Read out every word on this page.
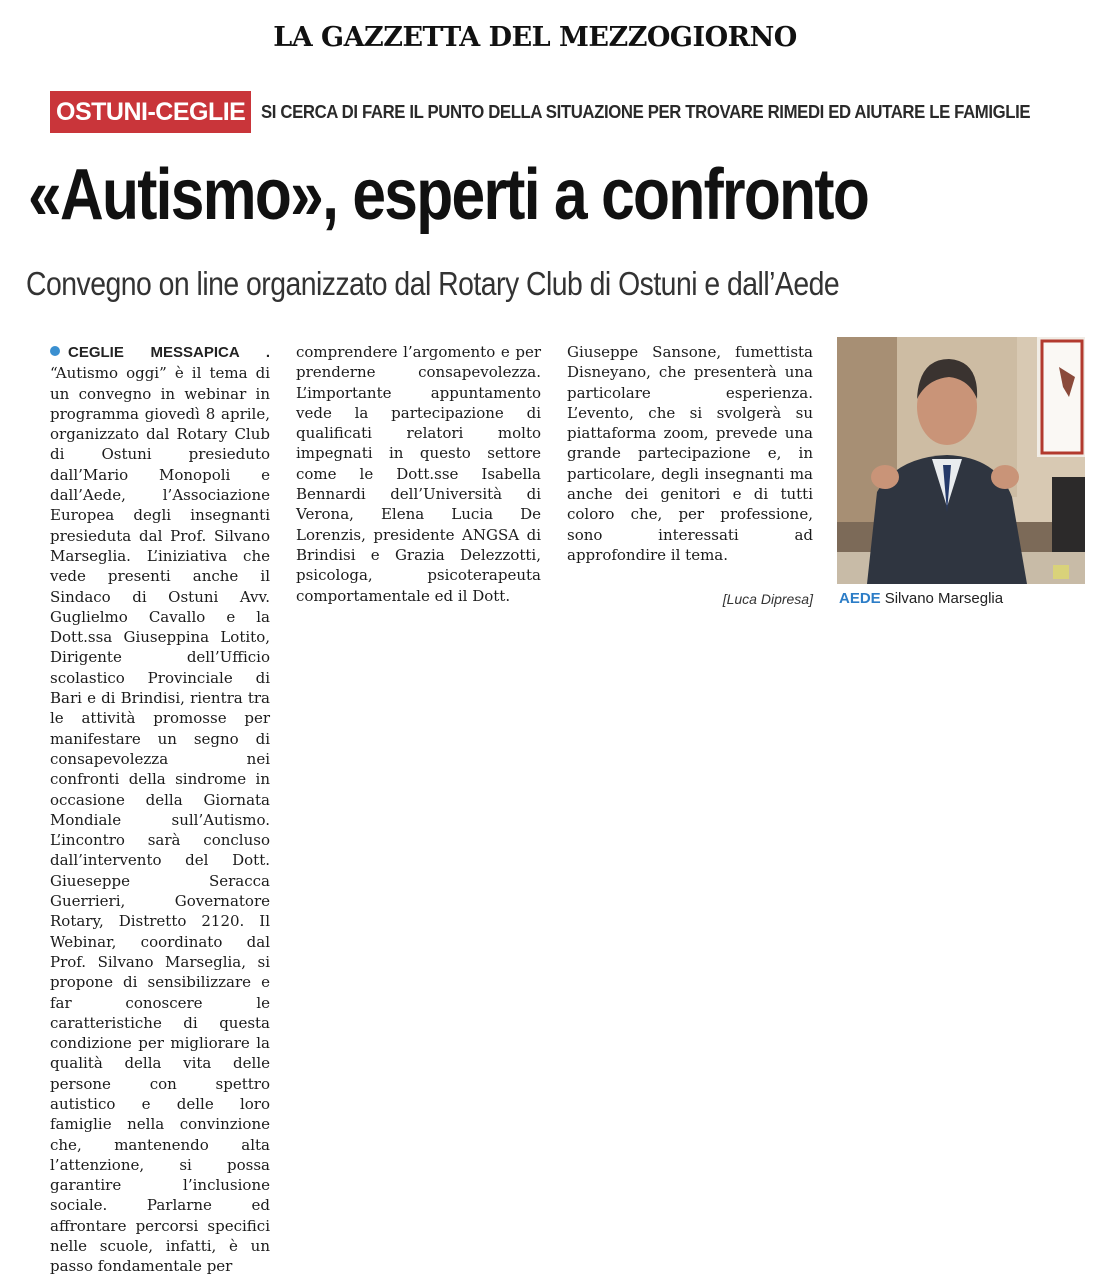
LA GAZZETTA DEL MEZZOGIORNO
OSTUNI-CEGLIE SI CERCA DI FARE IL PUNTO DELLA SITUAZIONE PER TROVARE RIMEDI ED AIUTARE LE FAMIGLIE
«Autismo», esperti a confronto
Convegno on line organizzato dal Rotary Club di Ostuni e dall’Aede
CEGLIE MESSAPICA . “Autismo oggi” è il tema di un convegno in webinar in programma giovedì 8 aprile, organizzato dal Rotary Club di Ostuni presieduto dall’Mario Monopoli e dall’Aede, l’Associazione Europea degli insegnanti presieduta dal Prof. Silvano Marseglia. L’iniziativa che vede presenti anche il Sindaco di Ostuni Avv. Guglielmo Cavallo e la Dott.ssa Giuseppina Lotito, Dirigente dell’Ufficio scolastico Provinciale di Bari e di Brindisi, rientra tra le attività promosse per manifestare un segno di consapevolezza nei confronti della sindrome in occasione della Giornata Mondiale sull’Autismo. L’incontro sarà concluso dall’intervento del Dott. Giueseppe Seracca Guerrieri, Governatore Rotary, Distretto 2120. Il Webinar, coordinato dal Prof. Silvano Marseglia, si propone di sensibilizzare e far conoscere le caratteristiche di questa condizione per migliorare la qualità della vita delle persone con spettro autistico e delle loro famiglie nella convinzione che, mantenendo alta l’attenzione, si possa garantire l’inclusione sociale. Parlarne ed affrontare percorsi specifici nelle scuole, infatti, è un passo fondamentale per
comprendere l’argomento e per prenderne consapevolezza. L’importante appuntamento vede la partecipazione di qualificati relatori molto impegnati in questo settore come le Dott.sse Isabella Bennardi dell’Università di Verona, Elena Lucia De Lorenzis, presidente ANGSA di Brindisi e Grazia Delezzotti, psicologa, psicoterapeuta comportamentale ed il Dott.
Giuseppe Sansone, fumettista Disneyano, che presenterà una particolare esperienza. L’evento, che si svolgerà su piattaforma zoom, prevede una grande partecipazione e, in particolare, degli insegnanti ma anche dei genitori e di tutti coloro che, per professione, sono interessati ad approfondire il tema.
[Luca Dipresa] AEDE Silvano Marseglia
